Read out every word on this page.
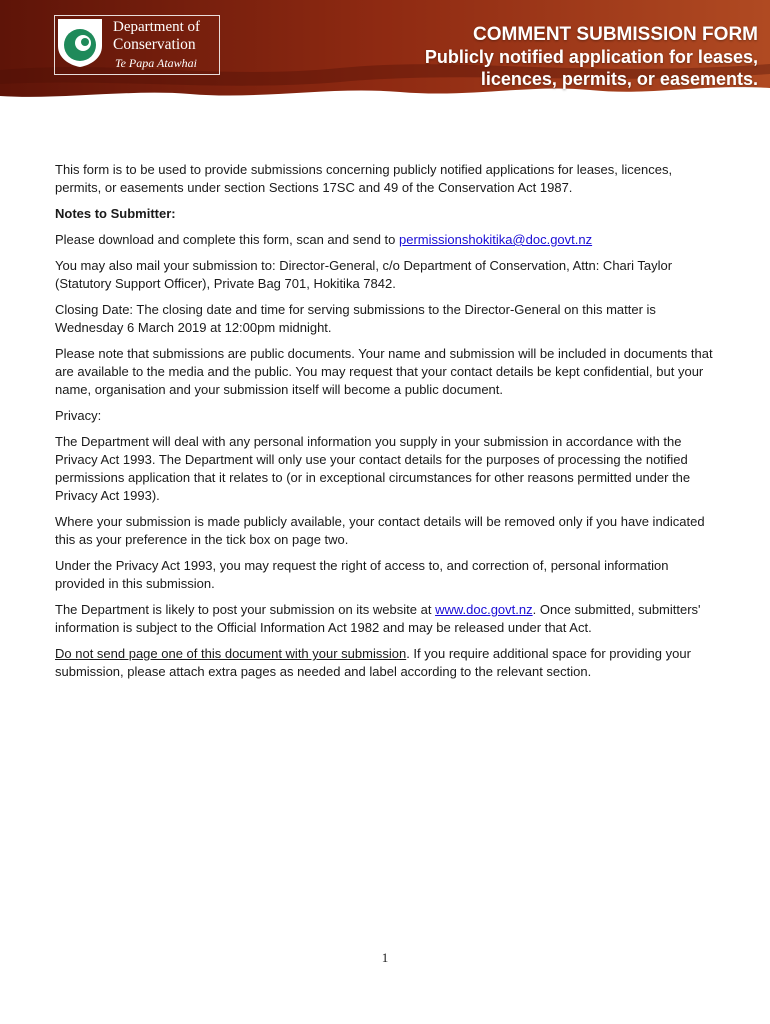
Department of
Conservation
Te Papa Atawhai
COMMENT SUBMISSION FORM
Publicly notified application for leases,
licences, permits, or easements.

This form is to be used to provide submissions concerning publicly notified applications for leases, licences, permits, or easements under section Sections 17SC and 49 of the Conservation Act 1987.

Notes to Submitter:

Please download and complete this form, scan and send to permissionshokitika@doc.govt.nz

You may also mail your submission to: Director-General, c/o Department of Conservation, Attn: Chari Taylor (Statutory Support Officer), Private Bag 701, Hokitika 7842.

Closing Date: The closing date and time for serving submissions to the Director-General on this matter is Wednesday 6 March 2019 at 12:00pm midnight.

Please note that submissions are public documents. Your name and submission will be included in documents that are available to the media and the public. You may request that your contact details be kept confidential, but your name, organisation and your submission itself will become a public document.

Privacy:

The Department will deal with any personal information you supply in your submission in accordance with the Privacy Act 1993. The Department will only use your contact details for the purposes of processing the notified permissions application that it relates to (or in exceptional circumstances for other reasons permitted under the Privacy Act 1993).

Where your submission is made publicly available, your contact details will be removed only if you have indicated this as your preference in the tick box on page two.

Under the Privacy Act 1993, you may request the right of access to, and correction of, personal information provided in this submission.

The Department is likely to post your submission on its website at www.doc.govt.nz. Once submitted, submitters' information is subject to the Official Information Act 1982 and may be released under that Act.

Do not send page one of this document with your submission. If you require additional space for providing your submission, please attach extra pages as needed and label according to the relevant section.

1
